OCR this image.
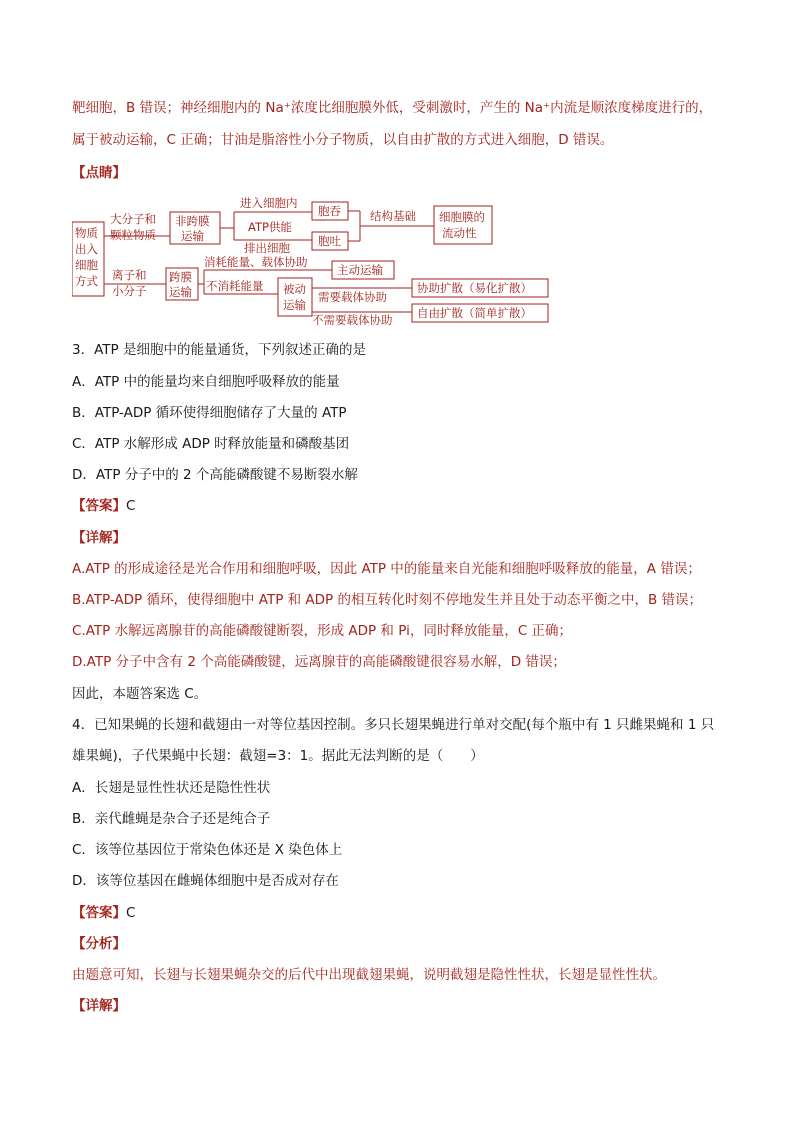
靶细胞，B 错误；神经细胞内的 Na⁺浓度比细胞膜外低，受刺激时，产生的 Na⁺内流是顺浓度梯度进行的，
属于被动运输，C 正确；甘油是脂溶性小分子物质，以自由扩散的方式进入细胞，D 错误。
【点睛】
物质
出入
细胞
方式
大分子和
颗粒物质
非跨膜
运输
进入细胞内
ATP供能
排出细胞
胞吞
胞吐
结构基础 细胞膜的
流动性
离子和
小分子
跨膜
运输
消耗能量、载体协助
不消耗能量
主动运输
被动
运输
需要载体协助
不需要载体协助
协助扩散（易化扩散）
自由扩散（简单扩散）
3．ATP 是细胞中的能量通货，下列叙述正确的是
A．ATP 中的能量均来自细胞呼吸释放的能量
B．ATP-ADP 循环使得细胞储存了大量的 ATP
C．ATP 水解形成 ADP 时释放能量和磷酸基团
D．ATP 分子中的 2 个高能磷酸键不易断裂水解
【答案】C
【详解】
A.ATP 的形成途径是光合作用和细胞呼吸，因此 ATP 中的能量来自光能和细胞呼吸释放的能量，A 错误；
B.ATP-ADP 循环，使得细胞中 ATP 和 ADP 的相互转化时刻不停地发生并且处于动态平衡之中，B 错误；
C.ATP 水解远离腺苷的高能磷酸键断裂，形成 ADP 和 Pi，同时释放能量，C 正确；
D.ATP 分子中含有 2 个高能磷酸键，远离腺苷的高能磷酸键很容易水解，D 错误；
因此，本题答案选 C。
4．已知果蝇的长翅和截翅由一对等位基因控制。多只长翅果蝇进行单对交配(每个瓶中有 1 只雌果蝇和 1 只
雄果蝇)，子代果蝇中长翅：截翅=3：1。据此无法判断的是（　　）
A．长翅是显性性状还是隐性性状
B．亲代雌蝇是杂合子还是纯合子
C．该等位基因位于常染色体还是 X 染色体上
D．该等位基因在雌蝇体细胞中是否成对存在
【答案】C
【分析】
由题意可知，长翅与长翅果蝇杂交的后代中出现截翅果蝇，说明截翅是隐性性状，长翅是显性性状。
【详解】
